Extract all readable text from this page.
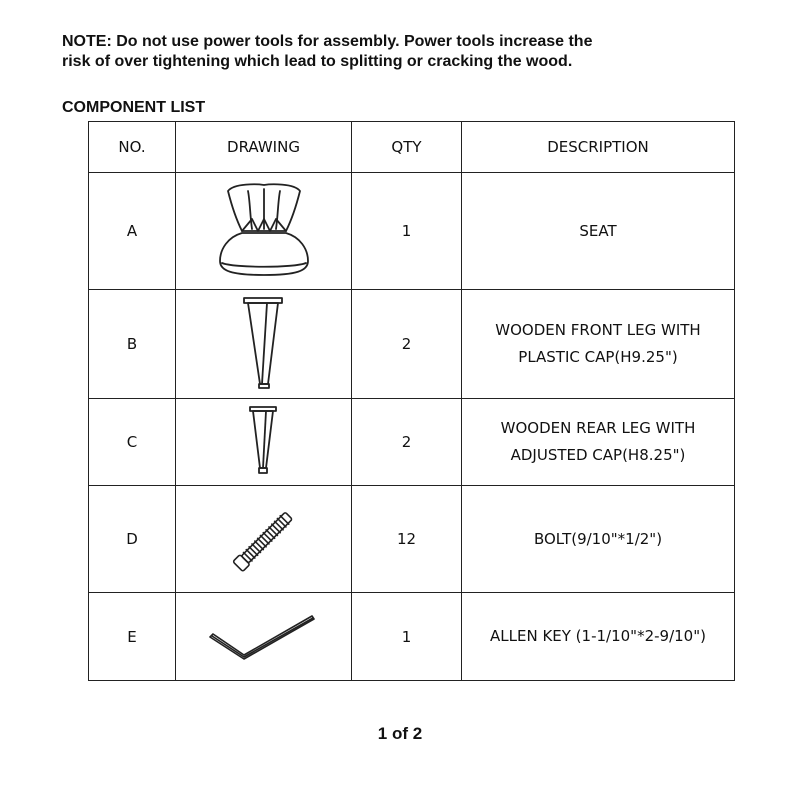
NOTE: Do not use power tools for assembly. Power tools increase the
risk of over tightening which lead to splitting or cracking the wood.
COMPONENT LIST
NO.	DRAWING	QTY	DESCRIPTION
A		1	SEAT

B		2	WOODEN FRONT LEG WITH
PLASTIC CAP(H9.25")

C		2	WOODEN REAR LEG WITH
ADJUSTED CAP(H8.25")

D		12	BOLT(9/10"*1/2")

E		1	ALLEN KEY (1-1/10"*2-9/10")
1 of 2
